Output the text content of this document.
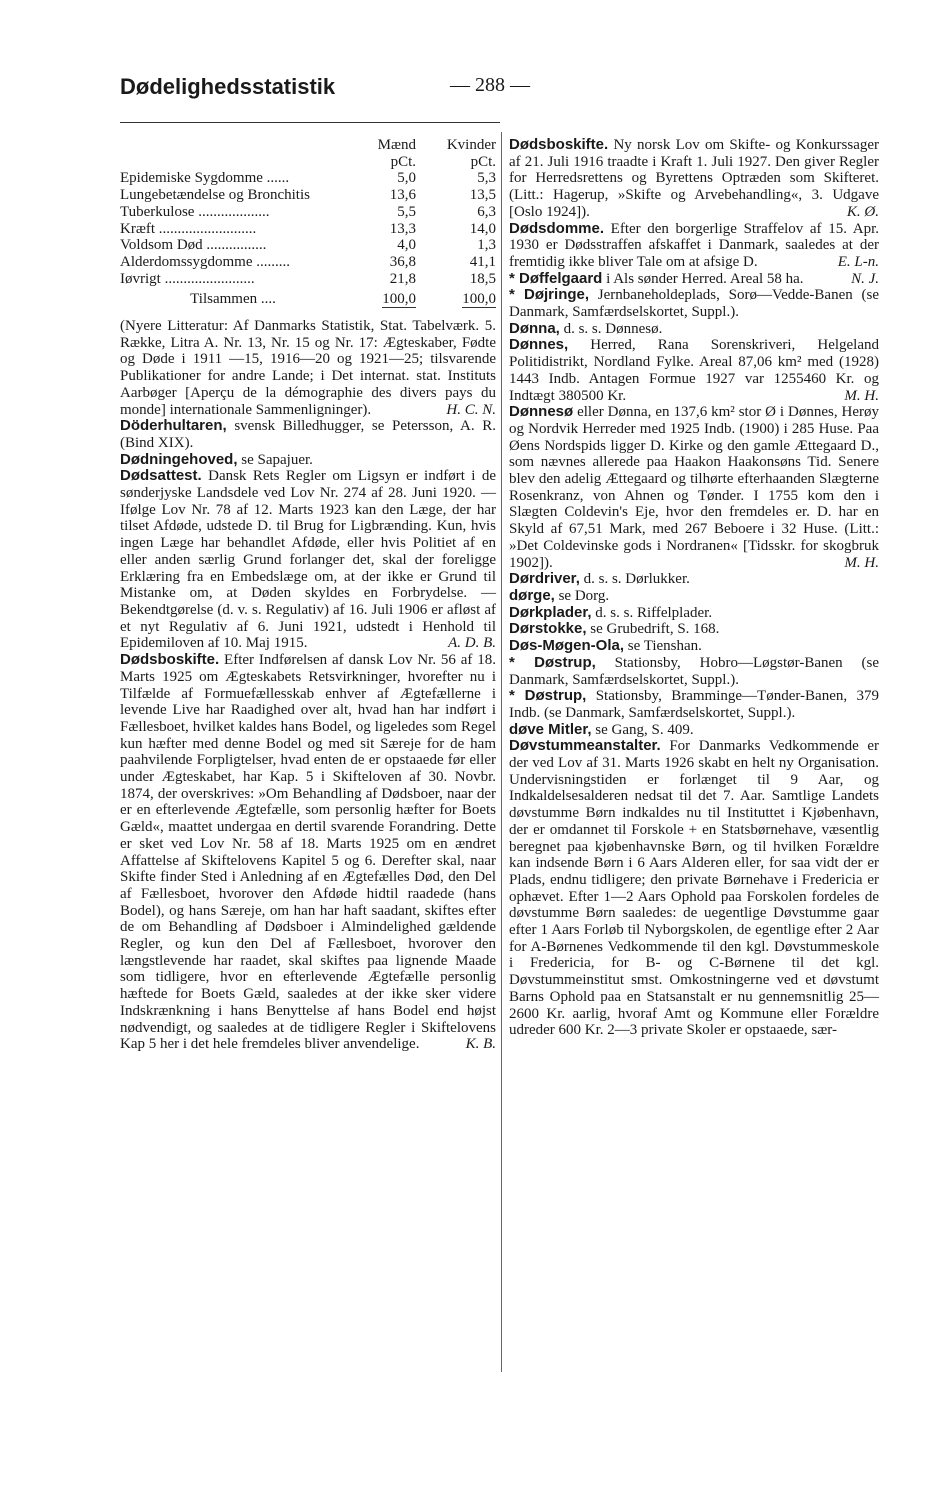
Dødelighedsstatistik	— 288 —
	Mænd	Kvinder
	pCt.	pCt.
Epidemiske Sygdomme ......	5,0	5,3
Lungebetændelse og Bronchitis	13,6	13,5
Tuberkulose ...................	5,5	6,3
Kræft ..........................	13,3	14,0
Voldsom Død ................	4,0	1,3
Alderdomssygdomme .........	36,8	41,1
Iøvrigt ........................	21,8	18,5
Tilsammen ....	100,0	100,0

(Nyere Litteratur: Af Danmarks Statistik, Stat. Tabelværk. 5. Række, Litra A. Nr. 13, Nr. 15 og Nr. 17: Ægteskaber, Fødte og Døde i 1911 —15, 1916—20 og 1921—25; tilsvarende Publikationer for andre Lande; i Det internat. stat. Instituts Aarbøger [Aperçu de la démographie des divers pays du monde] internationale Sammenligninger).	H. C. N.

Döderhultaren, svensk Billedhugger, se Petersson, A. R. (Bind XIX).

Dødningehoved, se Sapajuer.

Dødsattest. Dansk Rets Regler om Ligsyn er indført i de sønderjyske Landsdele ved Lov Nr. 274 af 28. Juni 1920. — Ifølge Lov Nr. 78 af 12. Marts 1923 kan den Læge, der har tilset Afdøde, udstede D. til Brug for Ligbrænding. Kun, hvis ingen Læge har behandlet Afdøde, eller hvis Politiet af en eller anden særlig Grund forlanger det, skal der foreligge Erklæring fra en Embedslæge om, at der ikke er Grund til Mistanke om, at Døden skyldes en Forbrydelse. — Bekendtgørelse (d. v. s. Regulativ) af 16. Juli 1906 er afløst af et nyt Regulativ af 6. Juni 1921, udstedt i Henhold til Epidemiloven af 10. Maj 1915.	A. D. B.

Dødsboskifte. Efter Indførelsen af dansk Lov Nr. 56 af 18. Marts 1925 om Ægteskabets Retsvirkninger, hvorefter nu i Tilfælde af Formuefællesskab enhver af Ægtefællerne i levende Live har Raadighed over alt, hvad han har indført i Fællesboet, hvilket kaldes hans Bodel, og ligeledes som Regel kun hæfter med denne Bodel og med sit Særeje for de ham paahvilende Forpligtelser, hvad enten de er opstaaede før eller under Ægteskabet, har Kap. 5 i Skifteloven af 30. Novbr. 1874, der overskrives: »Om Behandling af Dødsboer, naar der er en efterlevende Ægtefælle, som personlig hæfter for Boets Gæld«, maattet undergaa en dertil svarende Forandring. Dette er sket ved Lov Nr. 58 af 18. Marts 1925 om en ændret Affattelse af Skiftelovens Kapitel 5 og 6. Derefter skal, naar Skifte finder Sted i Anledning af en Ægtefælles Død, den Del af Fællesboet, hvorover den Afdøde hidtil raadede (hans Bodel), og hans Særeje, om han har haft saadant, skiftes efter de om Behandling af Dødsboer i Almindelighed gældende Regler, og kun den Del af Fællesboet, hvorover den længstlevende har raadet, skal skiftes paa lignende Maade som tidligere, hvor en efterlevende Ægtefælle personlig hæftede for Boets Gæld, saaledes at der ikke sker videre Indskrænkning i hans Benyttelse af hans Bodel end højst nødvendigt, og saaledes at de tidligere Regler i Skiftelovens Kap 5 her i det hele fremdeles bliver anvendelige.	K. B.

Dødsboskifte. Ny norsk Lov om Skifte- og Konkurssager af 21. Juli 1916 traadte i Kraft 1. Juli 1927. Den giver Regler for Herredsrettens og Byrettens Optræden som Skifteret. (Litt.: Hagerup, »Skifte og Arvebehandling«, 3. Udgave [Oslo 1924]).	K. Ø.

Dødsdomme. Efter den borgerlige Straffelov af 15. Apr. 1930 er Dødsstraffen afskaffet i Danmark, saaledes at der fremtidig ikke bliver Tale om at afsige D.	E. L-n.

* Døffelgaard i Als sønder Herred. Areal 58 ha.	N. J.

* Døjringe, Jernbaneholdeplads, Sorø—Vedde-Banen (se Danmark, Samfærdselskortet, Suppl.).

Dønna, d. s. s. Dønnesø.

Dønnes, Herred, Rana Sorenskriveri, Helgeland Politidistrikt, Nordland Fylke. Areal 87,06 km² med (1928) 1443 Indb. Antagen Formue 1927 var 1255460 Kr. og Indtægt 380500 Kr.	M. H.

Dønnesø eller Dønna, en 137,6 km² stor Ø i Dønnes, Herøy og Nordvik Herreder med 1925 Indb. (1900) i 285 Huse. Paa Øens Nordspids ligger D. Kirke og den gamle Ættegaard D., som nævnes allerede paa Haakon Haakonsøns Tid. Senere blev den adelig Ættegaard og tilhørte efterhaanden Slægterne Rosenkranz, von Ahnen og Tønder. I 1755 kom den i Slægten Coldevin's Eje, hvor den fremdeles er. D. har en Skyld af 67,51 Mark, med 267 Beboere i 32 Huse. (Litt.: »Det Coldevinske gods i Nordranen« [Tidsskr. for skogbruk 1902]).	M. H.

Dørdriver, d. s. s. Dørlukker.

dørge, se Dorg.

Dørkplader, d. s. s. Riffelplader.

Dørstokke, se Grubedrift, S. 168.

Døs-Møgen-Ola, se Tienshan.

* Døstrup, Stationsby, Hobro—Løgstør-Banen (se Danmark, Samfærdselskortet, Suppl.).

* Døstrup, Stationsby, Bramminge—Tønder-Banen, 379 Indb. (se Danmark, Samfærdselskortet, Suppl.).

døve Mitler, se Gang, S. 409.

Døvstummeanstalter. For Danmarks Vedkommende er der ved Lov af 31. Marts 1926 skabt en helt ny Organisation. Undervisningstiden er forlænget til 9 Aar, og Indkaldelsesalderen nedsat til det 7. Aar. Samtlige Landets døvstumme Børn indkaldes nu til Instituttet i Kjøbenhavn, der er omdannet til Forskole + en Statsbørnehave, væsentlig beregnet paa kjøbenhavnske Børn, og til hvilken Forældre kan indsende Børn i 6 Aars Alderen eller, for saa vidt der er Plads, endnu tidligere; den private Børnehave i Fredericia er ophævet. Efter 1—2 Aars Ophold paa Forskolen fordeles de døvstumme Børn saaledes: de uegentlige Døvstumme gaar efter 1 Aars Forløb til Nyborgskolen, de egentlige efter 2 Aar for A-Børnenes Vedkommende til den kgl. Døvstummeskole i Fredericia, for B- og C-Børnene til det kgl. Døvstummeinstitut smst. Omkostningerne ved et døvstumt Barns Ophold paa en Statsanstalt er nu gennemsnitlig 25—2600 Kr. aarlig, hvoraf Amt og Kommune eller Forældre udreder 600 Kr. 2—3 private Skoler er opstaaede, sær-
